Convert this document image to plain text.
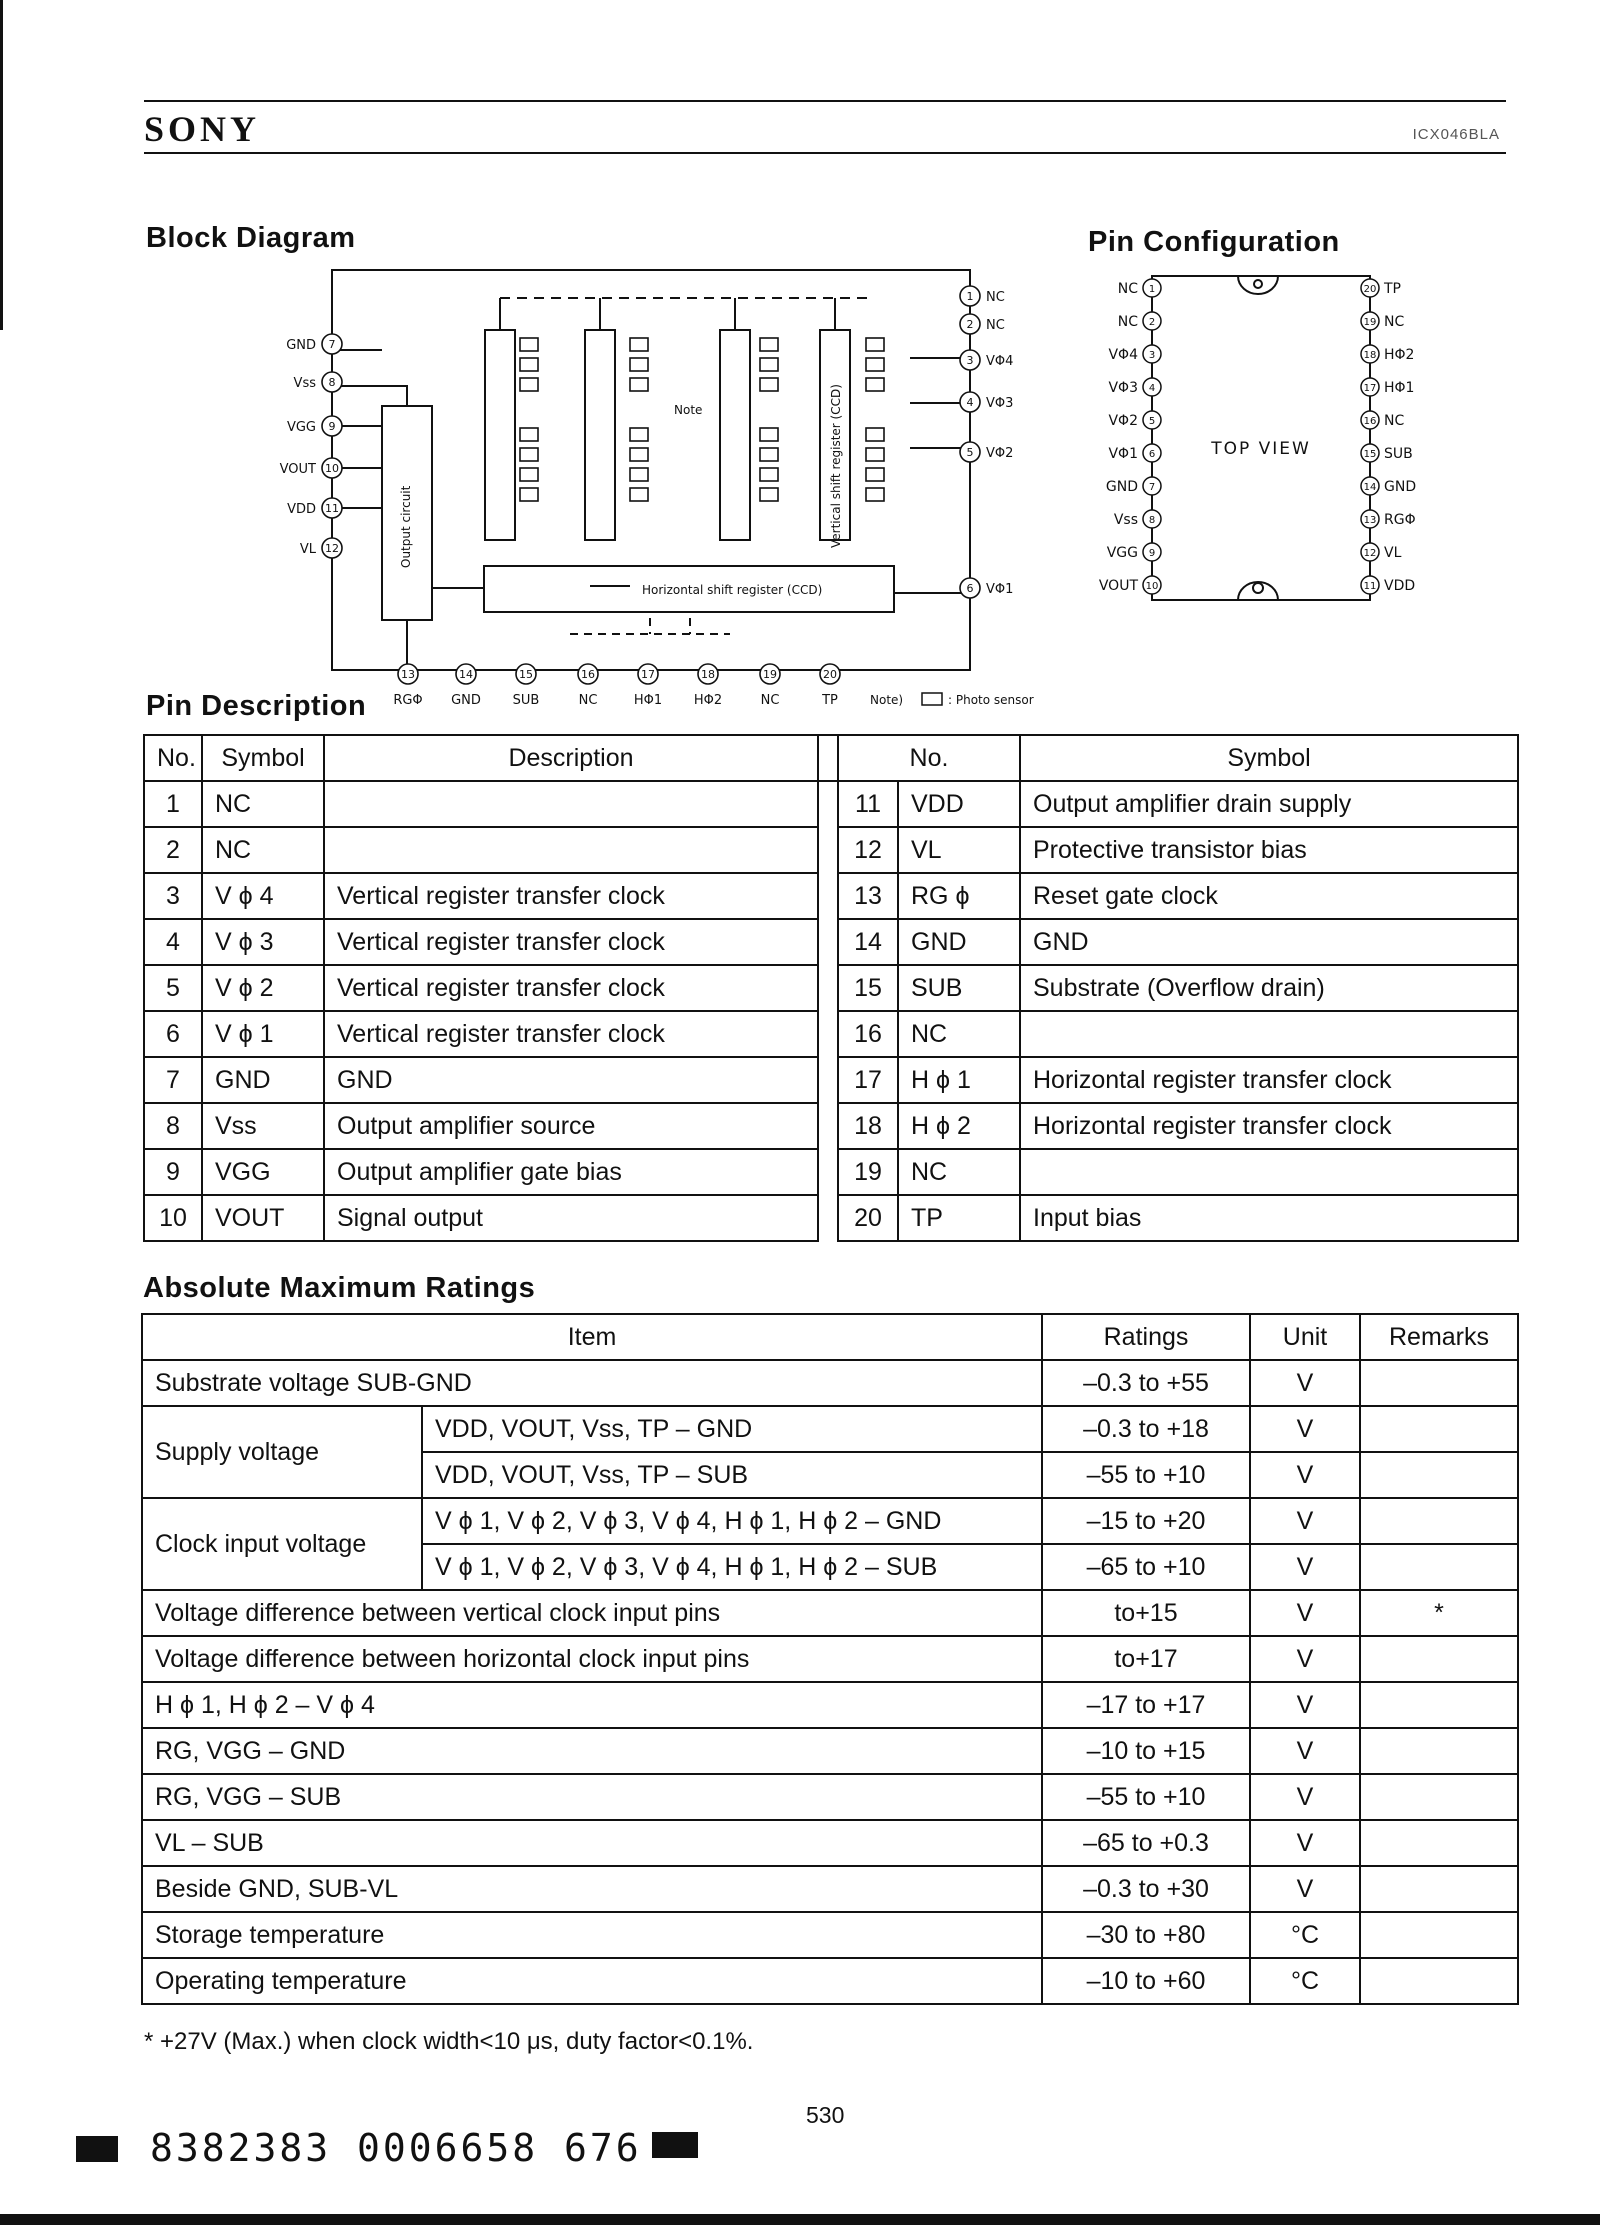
SONY	ICX046BLA
Block Diagram	Pin Configuration
7
8
9
10
11
12
1
2
3
4
5
6
13	14	15	16	17	18	19	20
GND
Vss
VGG
VOUT
VDD
VL
NC
NC
VΦ4
VΦ3
VΦ2
VΦ1
RGΦ GND SUB	NC	HΦ1 HΦ2	NC	TP
Horizontal shift register (CCD)
Note
Output circuit	Vertical shift register (CCD)
Note)	: Photo sensor
1
2
3
4
5
6
7
8
9
10
20
19
18
17
16
15
14
13
12
11
NC
NC
VΦ4
VΦ3
VΦ2
VΦ1
GND
Vss
VGG
VOUT
TP
NC
HΦ2
HΦ1
NC
SUB
GND
RGΦ
VL
VDD
TOP VIEW
Pin Description
No.	Symbol	Description		No.		Symbol
1	NC			11	VDD	Output amplifier drain supply
2	NC			12	VL	Protective transistor bias
3	V ϕ 4	Vertical register transfer clock		13	RG ϕ	Reset gate clock
4	V ϕ 3	Vertical register transfer clock		14	GND	GND
5	V ϕ 2	Vertical register transfer clock		15	SUB	Substrate (Overflow drain)
6	V ϕ 1	Vertical register transfer clock		16	NC	
7	GND	GND		17	H ϕ 1	Horizontal register transfer clock
8	Vss	Output amplifier source		18	H ϕ 2	Horizontal register transfer clock
9	VGG	Output amplifier gate bias		19	NC	
10	VOUT	Signal output		20	TP	Input bias
Absolute Maximum Ratings
Item		Ratings	Unit	Remarks
Substrate voltage SUB-GND		–0.3 to +55	V	
Supply voltage	VDD, VOUT, Vss, TP – GND	–0.3 to +18	V	
	VDD, VOUT, Vss, TP – SUB	–55 to +10	V	
Clock input voltage	V ϕ 1, V ϕ 2, V ϕ 3, V ϕ 4, H ϕ 1, H ϕ 2 – GND	–15 to +20	V	
	V ϕ 1, V ϕ 2, V ϕ 3, V ϕ 4, H ϕ 1, H ϕ 2 – SUB	–65 to +10	V	
Voltage difference between vertical clock input pins		to+15	V	*
Voltage difference between horizontal clock input pins		to+17	V	
H ϕ 1, H ϕ 2 – V ϕ 4		–17 to +17	V	
RG, VGG – GND		–10 to +15	V	
RG, VGG – SUB		–55 to +10	V	
VL – SUB		–65 to +0.3	V	
Beside GND, SUB-VL		–0.3 to +30	V	
Storage temperature		–30 to +80	°C	
Operating temperature		–10 to +60	°C	
* +27V (Max.) when clock width<10 μs, duty factor<0.1%.
530
8382383 0006658 676
